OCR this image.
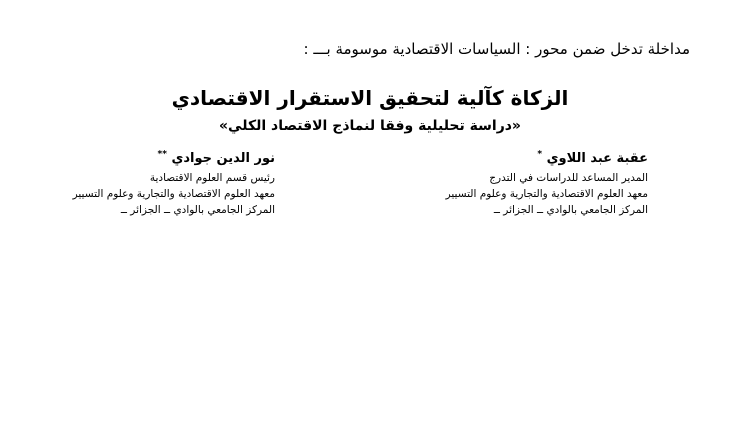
مداخلة تدخل ضمن محور : السياسات الاقتصادية موسومة بـــ :
الزكاة كآلية لتحقيق الاستقرار الاقتصادي
«دراسة تحليلية وفقا لنماذج الاقتصاد الكلي»
عقبة عبد اللاوي *
المدير المساعد للدراسات في التدرج
معهد العلوم الاقتصادية والتجارية وعلوم التسيير
المركز الجامعي بالوادي ــ الجزائر ــ
نور الدين جوادي **
رئيس قسم العلوم الاقتصادية
معهد العلوم الاقتصادية والتجارية وعلوم التسيير
المركز الجامعي بالوادي ــ الجزائر ــ
